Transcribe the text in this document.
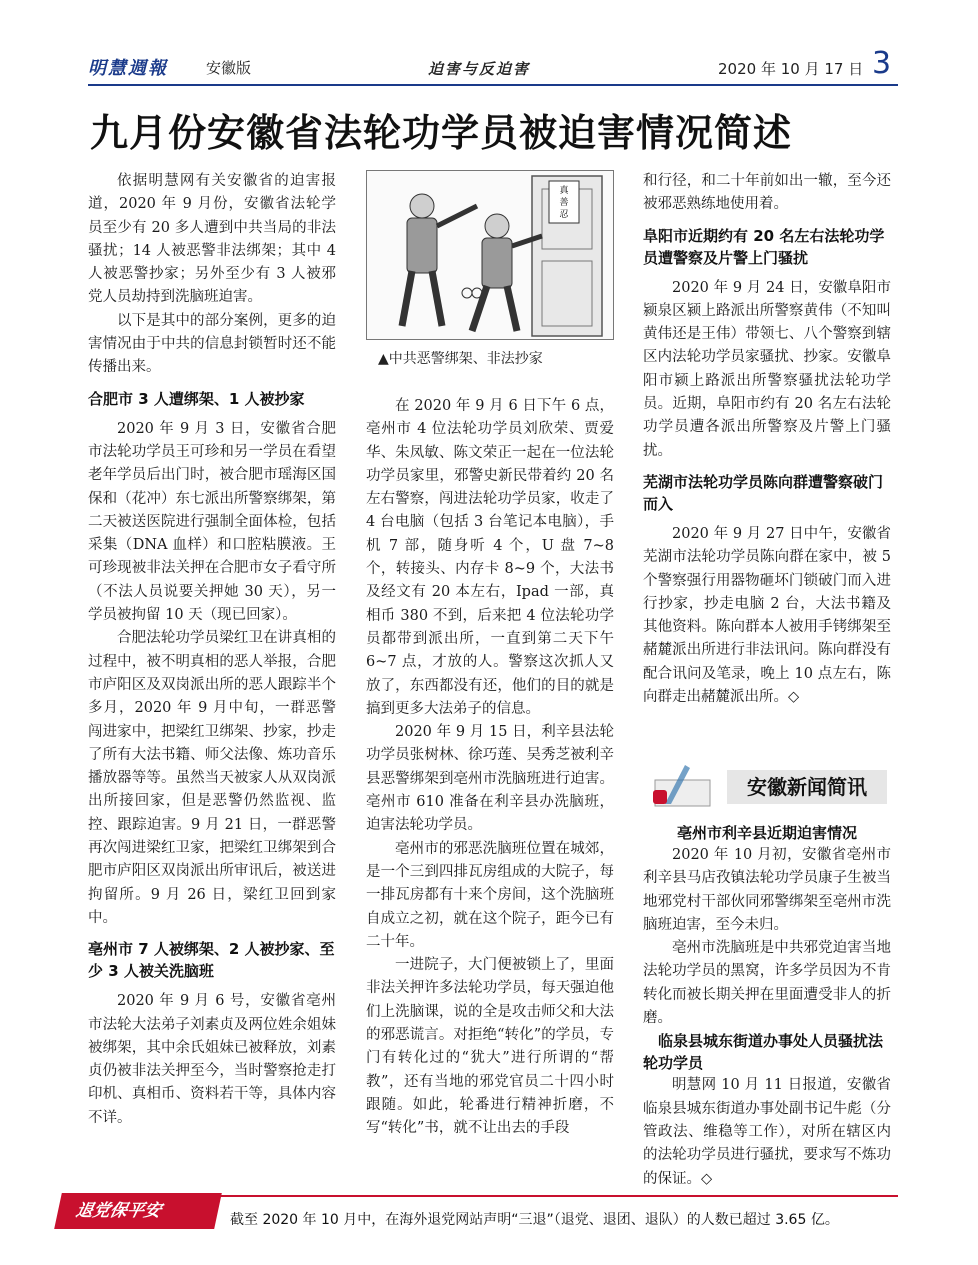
明慧週報	安徽版	迫害与反迫害	2020 年 10 月 17 日 3
九月份安徽省法轮功学员被迫害情况简述

依据明慧网有关安徽省的迫害报道，2020 年 9 月份，安徽省法轮学员至少有 20 多人遭到中共当局的非法骚扰；14 人被恶警非法绑架；其中 4 人被恶警抄家；另外至少有 3 人被邪党人员劫持到洗脑班迫害。

以下是其中的部分案例，更多的迫害情况由于中共的信息封锁暂时还不能传播出来。

合肥市 3 人遭绑架、1 人被抄家

2020 年 9 月 3 日，安徽省合肥市法轮功学员王可珍和另一学员在看望老年学员后出门时，被合肥市瑶海区国保和（花冲）东七派出所警察绑架，第二天被送医院进行强制全面体检，包括采集（DNA 血样）和口腔粘膜液。王可珍现被非法关押在合肥市女子看守所（不法人员说要关押她 30 天），另一学员被拘留 10 天（现已回家）。

合肥法轮功学员梁红卫在讲真相的过程中，被不明真相的恶人举报，合肥市庐阳区及双岗派出所的恶人跟踪半个多月，2020 年 9 月中旬，一群恶警闯进家中，把梁红卫绑架、抄家，抄走了所有大法书籍、师父法像、炼功音乐播放器等等。虽然当天被家人从双岗派出所接回家，但是恶警仍然监视、监控、跟踪迫害。9 月 21 日，一群恶警再次闯进梁红卫家，把梁红卫绑架到合肥市庐阳区双岗派出所审讯后，被送进拘留所。9 月 26 日，梁红卫回到家中。

亳州市 7 人被绑架、2 人被抄家、至少 3 人被关洗脑班

2020 年 9 月 6 号，安徽省亳州市法轮大法弟子刘素贞及两位姓余姐妹被绑架，其中余氏姐妹已被释放，刘素贞仍被非法关押至今，当时警察抢走打印机、真相币、资料若干等，具体内容不详。

真
善
忍
▲中共恶警绑架、非法抄家

在 2020 年 9 月 6 日下午 6 点，亳州市 4 位法轮功学员刘欣荣、贾爱华、朱凤敏、陈文荣正一起在一位法轮功学员家里，邪警史新民带着约 20 名左右警察，闯进法轮功学员家，收走了 4 台电脑（包括 3 台笔记本电脑），手机 7 部，随身听 4 个，U 盘 7~8 个，转接头、内存卡 8~9 个，大法书及经文有 20 本左右，Ipad 一部，真相币 380 不到，后来把 4 位法轮功学员都带到派出所，一直到第二天下午 6~7 点，才放的人。警察这次抓人又放了，东西都没有还，他们的目的就是搞到更多大法弟子的信息。

2020 年 9 月 15 日，利辛县法轮功学员张树林、徐巧莲、吴秀芝被利辛县恶警绑架到亳州市洗脑班进行迫害。亳州市 610 准备在利辛县办洗脑班，迫害法轮功学员。

亳州市的邪恶洗脑班位置在城郊，是一个三到四排瓦房组成的大院子，每一排瓦房都有十来个房间，这个洗脑班自成立之初，就在这个院子，距今已有二十年。

一进院子，大门便被锁上了，里面非法关押许多法轮功学员，每天强迫他们上洗脑课，说的全是攻击师父和大法的邪恶谎言。对拒绝“转化”的学员，专门有转化过的“犹大”进行所谓的“帮教”，还有当地的邪党官员二十四小时跟随。如此，轮番进行精神折磨，不写“转化”书，就不让出去的手段

和行径，和二十年前如出一辙，至今还被邪恶熟练地使用着。

阜阳市近期约有 20 名左右法轮功学员遭警察及片警上门骚扰

2020 年 9 月 24 日，安徽阜阳市颍泉区颍上路派出所警察黄伟（不知叫黄伟还是王伟）带领七、八个警察到辖区内法轮功学员家骚扰、抄家。安徽阜阳市颍上路派出所警察骚扰法轮功学员。近期，阜阳市约有 20 名左右法轮功学员遭各派出所警察及片警上门骚扰。

芜湖市法轮功学员陈向群遭警察破门而入

2020 年 9 月 27 日中午，安徽省芜湖市法轮功学员陈向群在家中，被 5 个警察强行用器物砸坏门锁破门而入进行抄家，抄走电脑 2 台，大法书籍及其他资料。陈向群本人被用手铐绑架至赭麓派出所进行非法讯问。陈向群没有配合讯问及笔录，晚上 10 点左右，陈向群走出赭麓派出所。◇

安徽新闻简讯
亳州市利辛县近期迫害情况

2020 年 10 月初，安徽省亳州市利辛县马店孜镇法轮功学员康子生被当地邪党村干部伙同邪警绑架至亳州市洗脑班迫害，至今未归。

亳州市洗脑班是中共邪党迫害当地法轮功学员的黑窝，许多学员因为不肯转化而被长期关押在里面遭受非人的折磨。

临泉县城东街道办事处人员骚扰法轮功学员

明慧网 10 月 11 日报道，安徽省临泉县城东街道办事处副书记牛彪（分管政法、维稳等工作），对所在辖区内的法轮功学员进行骚扰，要求写不炼功的保证。◇

退党保平安	截至 2020 年 10 月中，在海外退党网站声明“三退”（退党、退团、退队）的人数已超过 3.65 亿。
